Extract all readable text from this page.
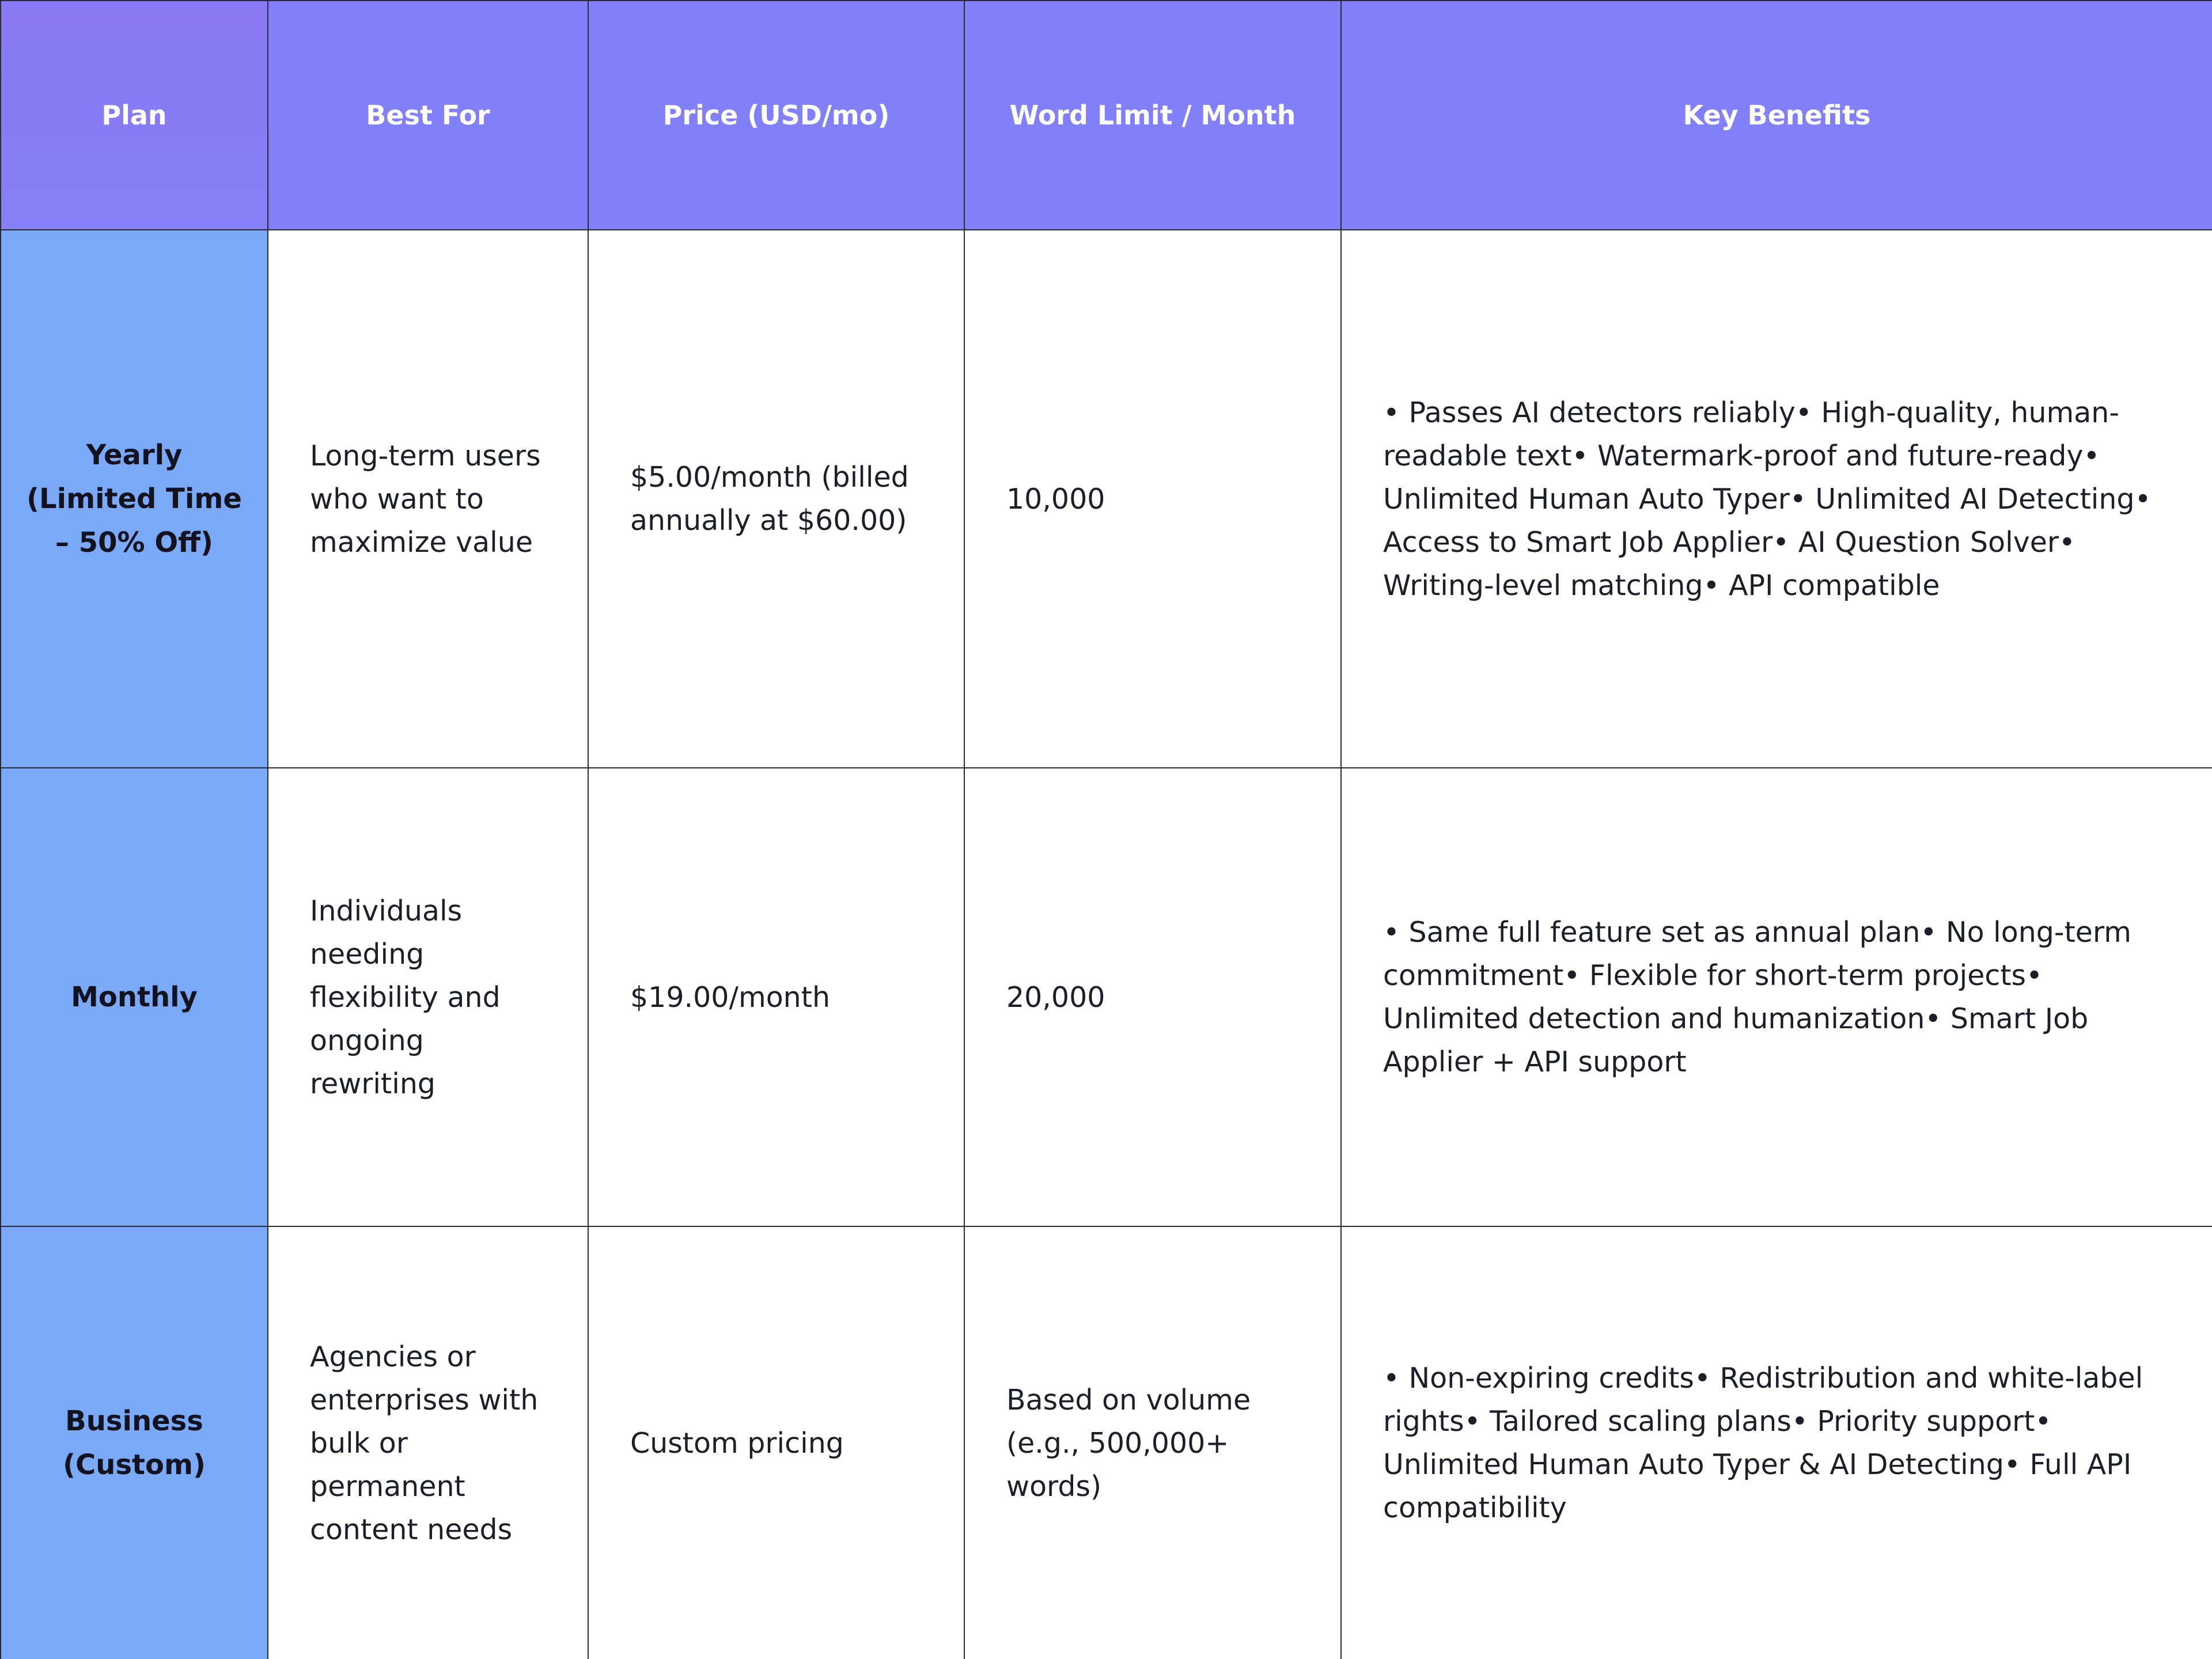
Plan	Best For	Price (USD/mo)	Word Limit / Month	Key Benefits
Yearly (Limited Time – 50% Off)	Long-term users who want to maximize value	$5.00/month (billed annually at $60.00)	10,000	• Passes AI detectors reliably• High-quality, human-readable text• Watermark-proof and future-ready• Unlimited Human Auto Typer• Unlimited AI Detecting• Access to Smart Job Applier• AI Question Solver• Writing-level matching• API compatible
Monthly	Individuals needing flexibility and ongoing rewriting	$19.00/month	20,000	• Same full feature set as annual plan• No long-term commitment• Flexible for short-term projects• Unlimited detection and humanization• Smart Job Applier + API support
Business (Custom)	Agencies or enterprises with bulk or permanent content needs	Custom pricing	Based on volume (e.g., 500,000+ words)	• Non-expiring credits• Redistribution and white-label rights• Tailored scaling plans• Priority support• Unlimited Human Auto Typer & AI Detecting• Full API compatibility
